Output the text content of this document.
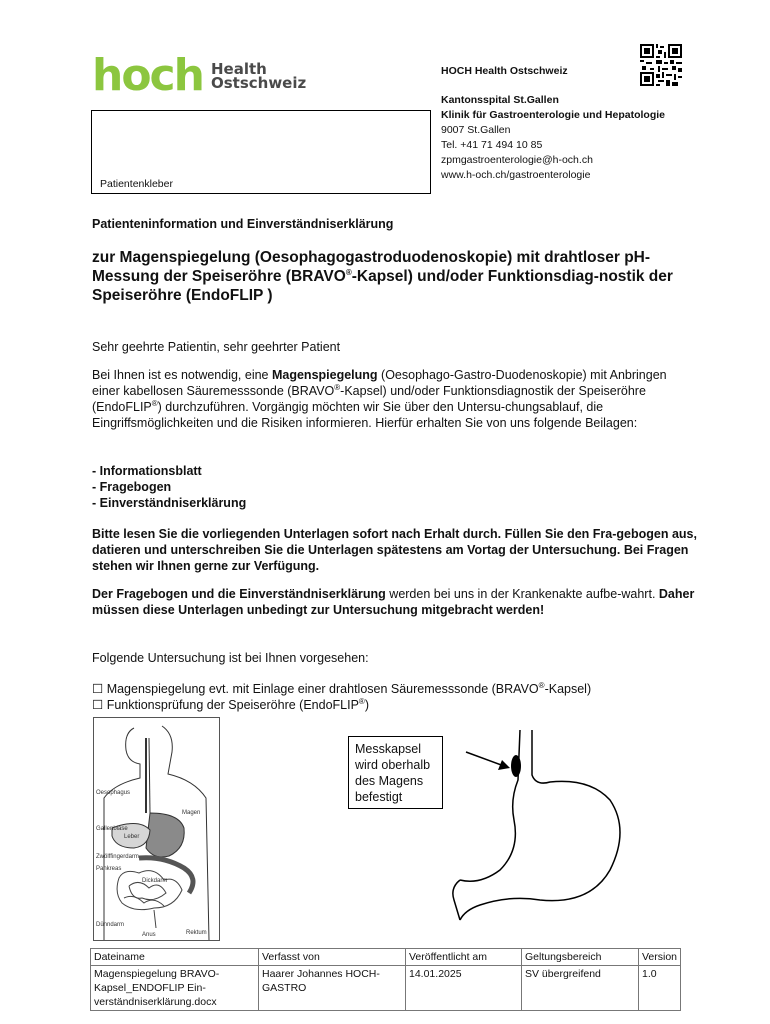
hoch Health
Ostschweiz
HOCH Health Ostschweiz
Kantonsspital St.Gallen
Klinik für Gastroenterologie und Hepatologie
9007 St.Gallen
Tel. +41 71 494 10 85
zpmgastroenterologie@h-och.ch
www.h-och.ch/gastroenterologie
Patientenkleber
Patienteninformation und Einverständniserklärung
zur Magenspiegelung (Oesophagogastroduodenoskopie) mit drahtloser pH-Messung der Speiseröhre (BRAVO®-Kapsel) und/oder Funktionsdiag-nostik der Speiseröhre (EndoFLIP )
Sehr geehrte Patientin, sehr geehrter Patient
Bei Ihnen ist es notwendig, eine Magenspiegelung (Oesophago-Gastro-Duodenoskopie) mit Anbringen einer kabellosen Säuremesssonde (BRAVO®-Kapsel) und/oder Funktionsdiagnostik der Speiseröhre (EndoFLIP®) durchzuführen. Vorgängig möchten wir Sie über den Untersu-chungsablauf, die Eingriffsmöglichkeiten und die Risiken informieren. Hierfür erhalten Sie von uns folgende Beilagen:
- Informationsblatt
- Fragebogen
- Einverständniserklärung
Bitte lesen Sie die vorliegenden Unterlagen sofort nach Erhalt durch. Füllen Sie den Fra-gebogen aus, datieren und unterschreiben Sie die Unterlagen spätestens am Vortag der Untersuchung. Bei Fragen stehen wir Ihnen gerne zur Verfügung.
Der Fragebogen und die Einverständniserklärung werden bei uns in der Krankenakte aufbe-wahrt. Daher müssen diese Unterlagen unbedingt zur Untersuchung mitgebracht werden!
Folgende Untersuchung ist bei Ihnen vorgesehen:
☐ Magenspiegelung evt. mit Einlage einer drahtlosen Säuremesssonde (BRAVO®-Kapsel)
☐ Funktionsprüfung der Speiseröhre (EndoFLIP®)
Oesophagus
Magen
Gallenblase
Leber
Zwölffingerdarm
Pankreas
Dickdarm
Dünndarm
Anus	Rektum
Messkapsel
wird oberhalb
des Magens
befestigt
Dateiname	Verfasst von	Veröffentlicht am	Geltungsbereich	Version
Magenspiegelung BRAVO-Kapsel_ENDOFLIP Ein-verständniserklärung.docx	Haarer Johannes HOCH-GASTRO	14.01.2025	SV übergreifend	1.0
